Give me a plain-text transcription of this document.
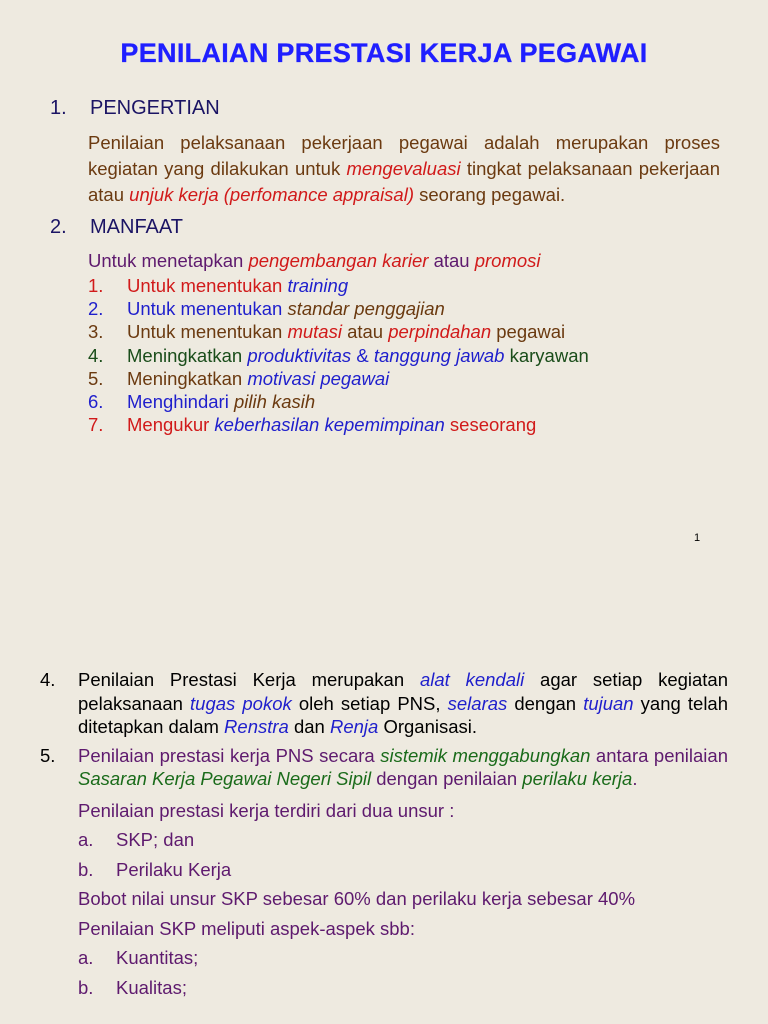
PENILAIAN PRESTASI KERJA PEGAWAI
1. PENGERTIAN
Penilaian pelaksanaan pekerjaan pegawai adalah merupakan proses kegiatan yang dilakukan untuk mengevaluasi tingkat pelaksanaan pekerjaan atau unjuk kerja (perfomance appraisal) seorang pegawai.
2. MANFAAT
Untuk menetapkan pengembangan karier atau promosi
1. Untuk menentukan training
2. Untuk menentukan standar penggajian
3. Untuk menentukan mutasi atau perpindahan pegawai
4. Meningkatkan produktivitas & tanggung jawab karyawan
5. Meningkatkan motivasi pegawai
6. Menghindari pilih kasih
7. Mengukur keberhasilan kepemimpinan seseorang
1
4. Penilaian Prestasi Kerja merupakan alat kendali agar setiap kegiatan pelaksanaan tugas pokok oleh setiap PNS, selaras dengan tujuan yang telah ditetapkan dalam Renstra dan Renja Organisasi.
5. Penilaian prestasi kerja PNS secara sistemik menggabungkan antara penilaian Sasaran Kerja Pegawai Negeri Sipil dengan penilaian perilaku kerja.
Penilaian prestasi kerja terdiri dari dua unsur :
a. SKP; dan
b. Perilaku Kerja
Bobot nilai unsur SKP sebesar 60% dan perilaku kerja sebesar 40%
Penilaian SKP meliputi aspek-aspek sbb:
a. Kuantitas;
b. Kualitas;
